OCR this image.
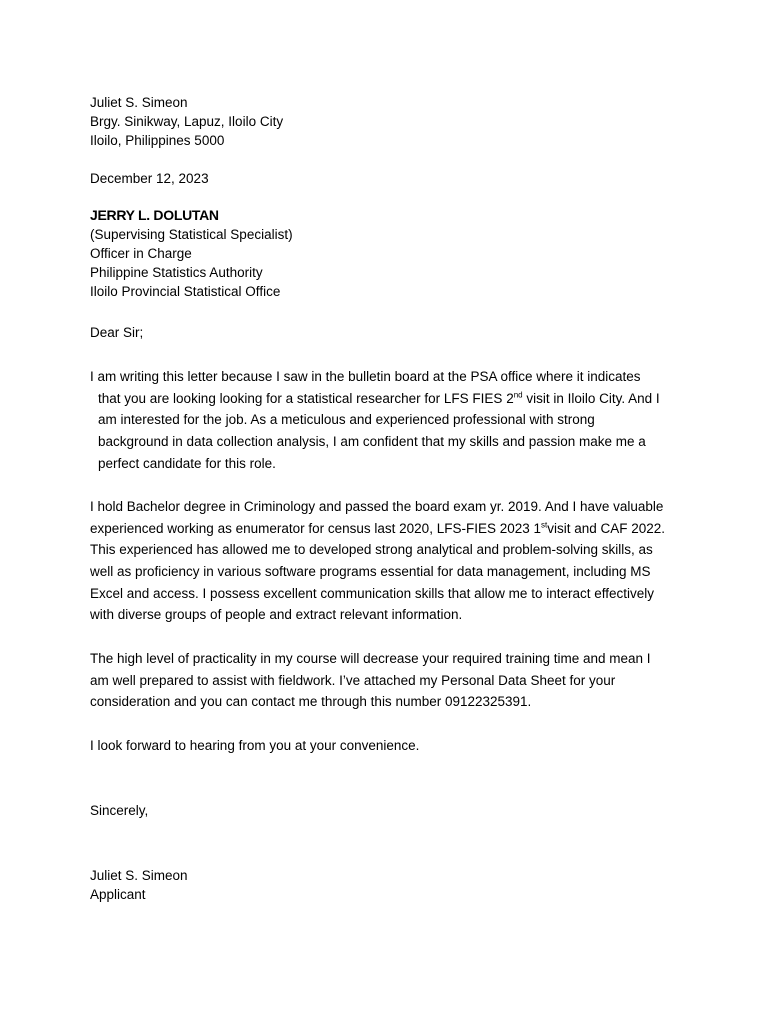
Juliet S. Simeon
Brgy. Sinikway, Lapuz, Iloilo City
Iloilo, Philippines 5000
December 12, 2023
JERRY L. DOLUTAN
(Supervising Statistical Specialist)
Officer in Charge
Philippine Statistics Authority
Iloilo Provincial Statistical Office
Dear Sir;
I am writing this letter because I saw in the bulletin board at the PSA office where it indicates
that you are looking looking for a statistical researcher for LFS FIES 2nd visit in Iloilo City. And I
am interested for the job. As a meticulous and experienced professional with strong
background in data collection analysis, I am confident that my skills and passion make me a
perfect candidate for this role.
I hold Bachelor degree in Criminology and passed the board exam yr. 2019. And I have valuable
experienced working as enumerator for census last 2020, LFS-FIES 2023 1stvisit and CAF 2022.
This experienced has allowed me to developed strong analytical and problem-solving skills, as
well as proficiency in various software programs essential for data management, including MS
Excel and access. I possess excellent communication skills that allow me to interact effectively
with diverse groups of people and extract relevant information.
The high level of practicality in my course will decrease your required training time and mean I
am well prepared to assist with fieldwork. I’ve attached my Personal Data Sheet for your
consideration and you can contact me through this number 09122325391.
I look forward to hearing from you at your convenience.
Sincerely,
Juliet S. Simeon
Applicant
